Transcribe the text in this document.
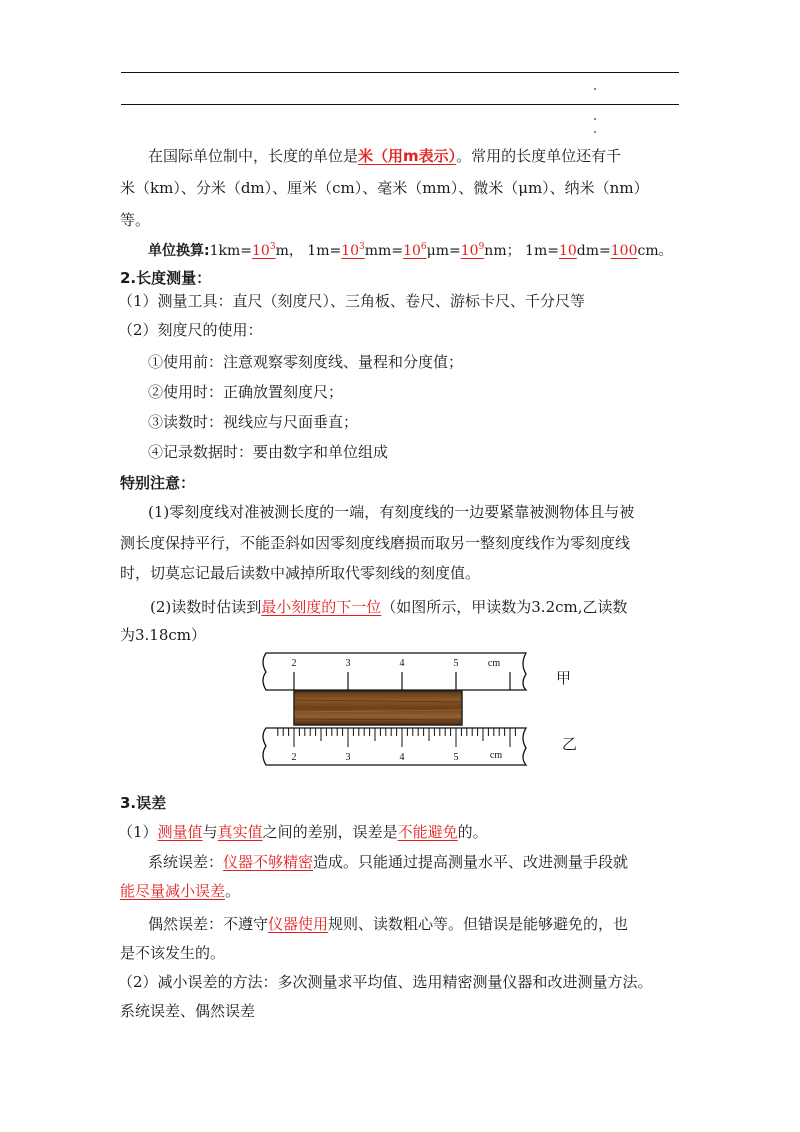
在国际单位制中，长度的单位是米（用m表示）。常用的长度单位还有千
米（km）、分米（dm）、厘米（cm）、毫米（mm）、微米（μm）、纳米（nm）
等。
单位换算$:1km=10^3m$， $1m=10^3mm=10^6\mu m=10^9nm$； 1m=10dm=100cm。
2.长度测量：
（1）测量工具：直尺（刻度尺）、三角板、卷尺、游标卡尺、千分尺等
（2）刻度尺的使用：
①使用前：注意观察零刻度线、量程和分度值；
②使用时：正确放置刻度尺；
③读数时：视线应与尺面垂直；
④记录数据时：要由数字和单位组成
特别注意：
(1)零刻度线对准被测长度的一端，有刻度线的一边要紧靠被测物体且与被
测长度保持平行，不能歪斜如因零刻度线磨损而取另一整刻度线作为零刻度线
时，切莫忘记最后读数中减掉所取代零刻线的刻度值。
(2)读数时估读到最小刻度的下一位（如图所示，甲读数为3.2cm,乙读数
为3.18cm）
2	3	4	5	cm
2	3	4	5	cm
甲
乙
3.误差
（1）测量值与真实值之间的差别，误差是不能避免的。
系统误差：仪器不够精密造成。只能通过提高测量水平、改进测量手段就
能尽量减小误差。
偶然误差：不遵守仪器使用规则、读数粗心等。但错误是能够避免的，也
是不该发生的。
（2）减小误差的方法：多次测量求平均值、选用精密测量仪器和改进测量方法。
系统误差、偶然误差
